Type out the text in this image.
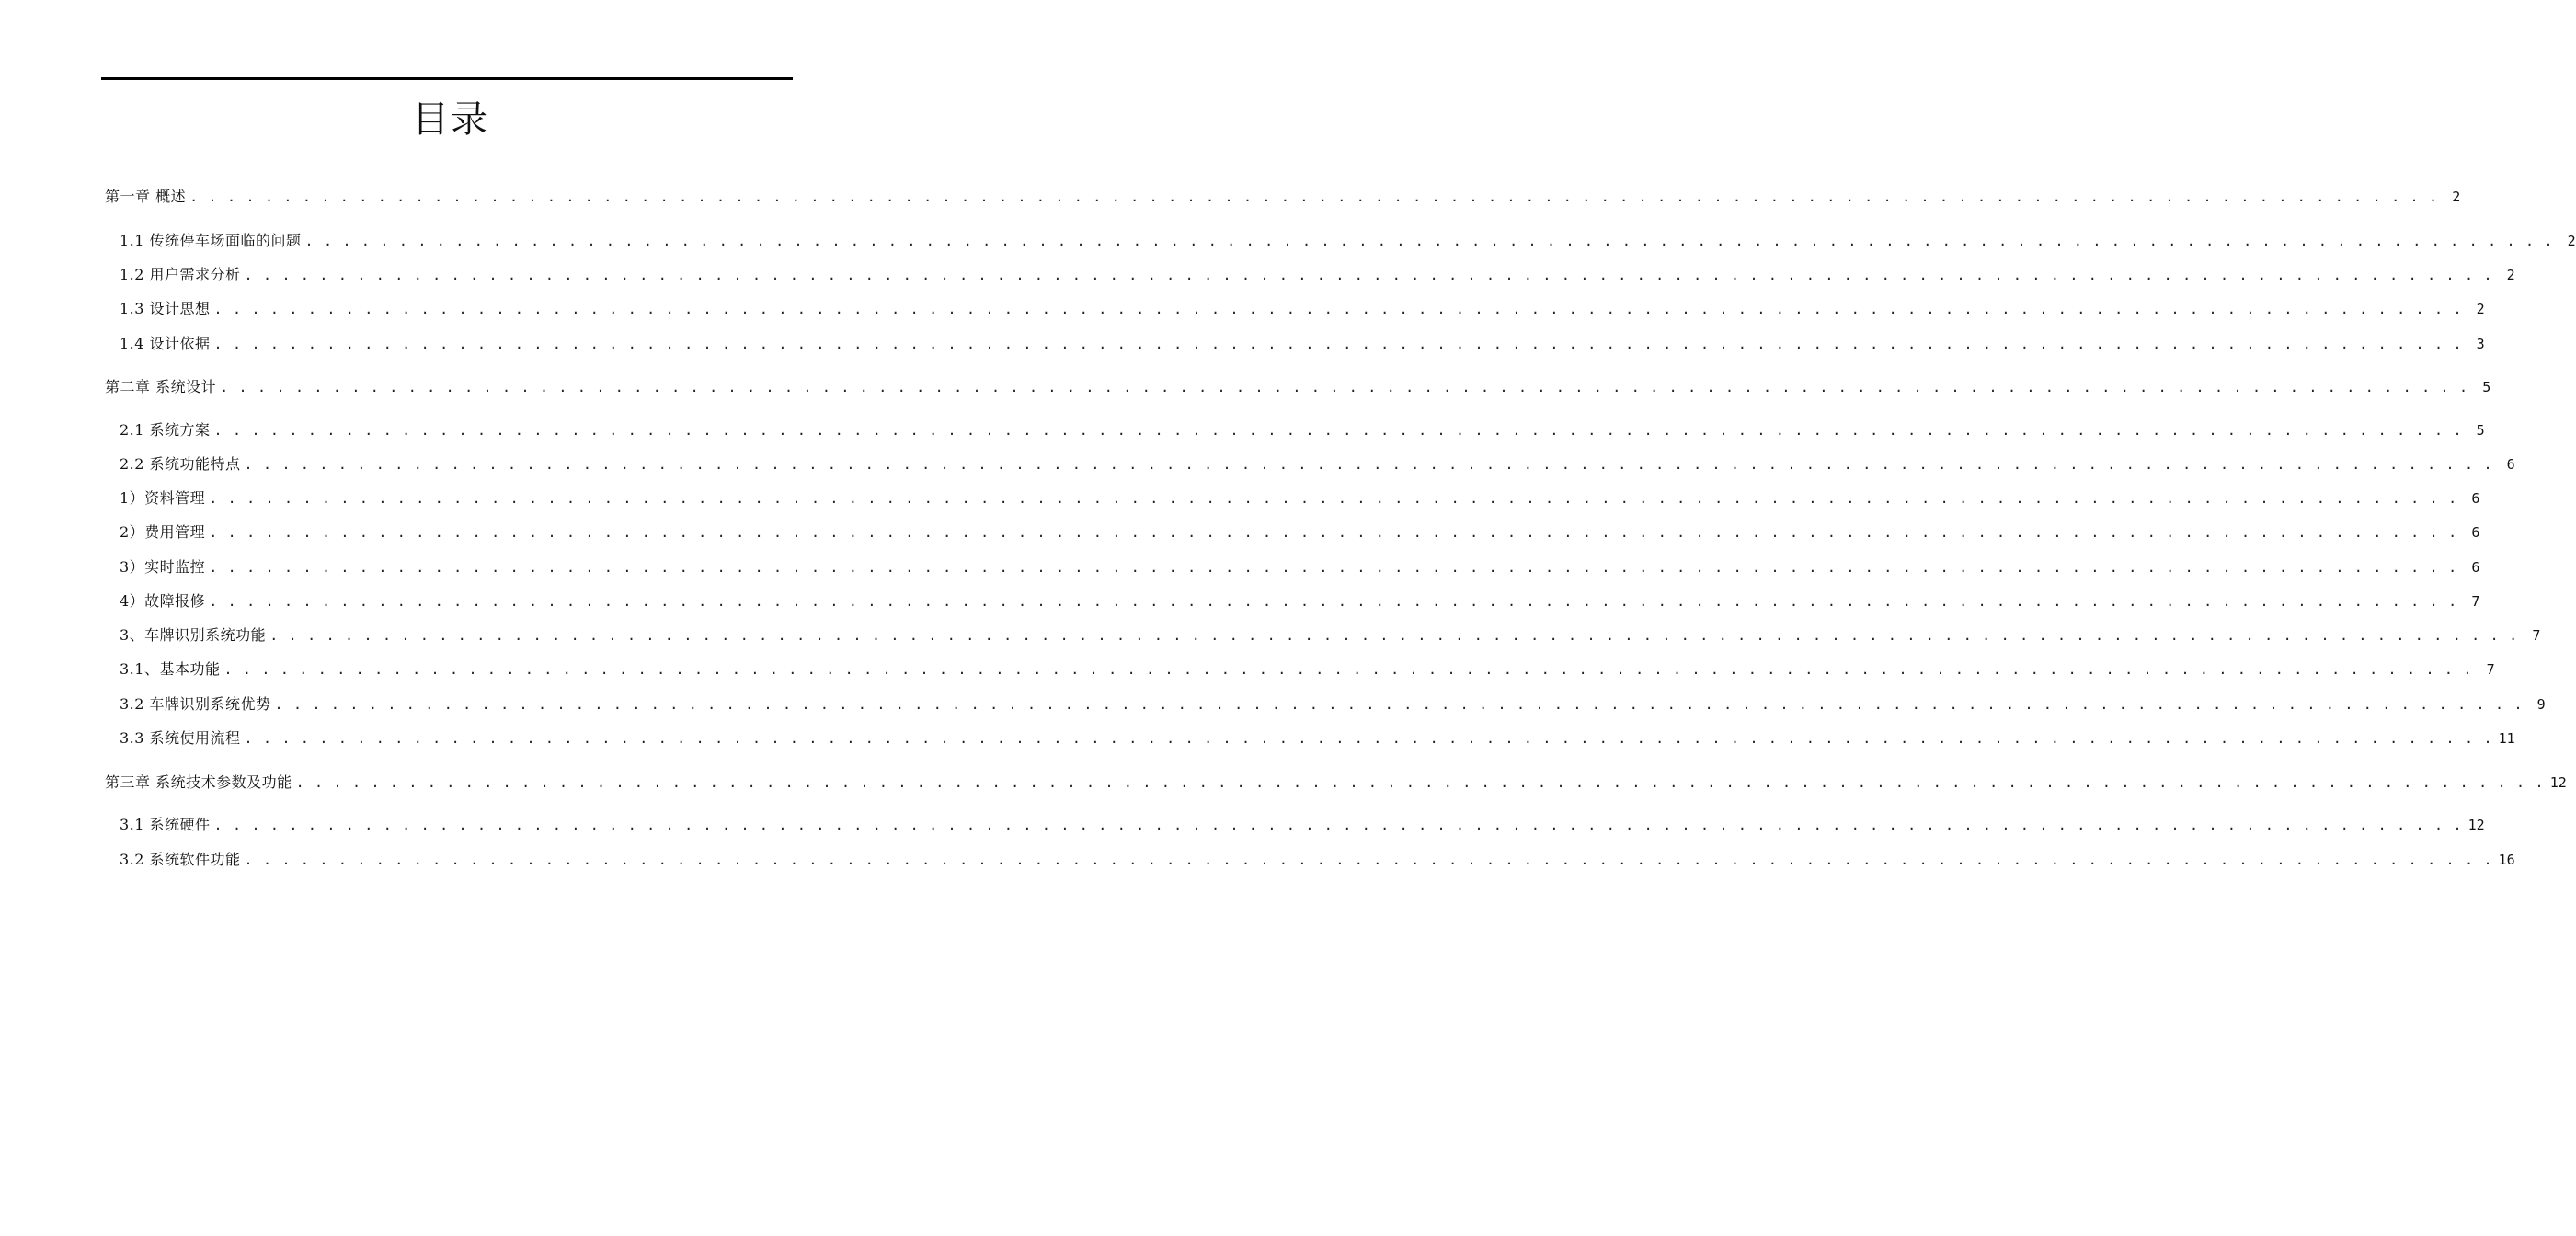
目录
第一章 概述 . . . . . . . . . . . . . . . . . . . . . . . . . . . . . . . . . . . . . . . . . . . . . . . . . . . . . . . . . . . . . . . . . . . . . . . . . . . . . . . . . . . . . . . . . . . . . . . . . . . . . . . . . . . . . . . . . . . . . . . . 2
1.1 传统停车场面临的问题 . . . . . . . . . . . . . . . . . . . . . . . . . . . . . . . . . . . . . . . . . . . . . . . . . . . . . . . . . . . . . . . . . . . . . . . . . . . . . . . . . . . . . . . . . . . . . . . . . . . . . . . . . . . . . . . . . . . . . . . . 2
1.2 用户需求分析 . . . . . . . . . . . . . . . . . . . . . . . . . . . . . . . . . . . . . . . . . . . . . . . . . . . . . . . . . . . . . . . . . . . . . . . . . . . . . . . . . . . . . . . . . . . . . . . . . . . . . . . . . . . . . . . . . . . . . . . . 2
1.3 设计思想 . . . . . . . . . . . . . . . . . . . . . . . . . . . . . . . . . . . . . . . . . . . . . . . . . . . . . . . . . . . . . . . . . . . . . . . . . . . . . . . . . . . . . . . . . . . . . . . . . . . . . . . . . . . . . . . . . . . . . . . . 2
1.4 设计依据 . . . . . . . . . . . . . . . . . . . . . . . . . . . . . . . . . . . . . . . . . . . . . . . . . . . . . . . . . . . . . . . . . . . . . . . . . . . . . . . . . . . . . . . . . . . . . . . . . . . . . . . . . . . . . . . . . . . . . . . . 3
第二章 系统设计 . . . . . . . . . . . . . . . . . . . . . . . . . . . . . . . . . . . . . . . . . . . . . . . . . . . . . . . . . . . . . . . . . . . . . . . . . . . . . . . . . . . . . . . . . . . . . . . . . . . . . . . . . . . . . . . . . . . . . . . . 5
2.1 系统方案 . . . . . . . . . . . . . . . . . . . . . . . . . . . . . . . . . . . . . . . . . . . . . . . . . . . . . . . . . . . . . . . . . . . . . . . . . . . . . . . . . . . . . . . . . . . . . . . . . . . . . . . . . . . . . . . . . . . . . . . . 5
2.2 系统功能特点 . . . . . . . . . . . . . . . . . . . . . . . . . . . . . . . . . . . . . . . . . . . . . . . . . . . . . . . . . . . . . . . . . . . . . . . . . . . . . . . . . . . . . . . . . . . . . . . . . . . . . . . . . . . . . . . . . . . . . . . . 6
1）资料管理 . . . . . . . . . . . . . . . . . . . . . . . . . . . . . . . . . . . . . . . . . . . . . . . . . . . . . . . . . . . . . . . . . . . . . . . . . . . . . . . . . . . . . . . . . . . . . . . . . . . . . . . . . . . . . . . . . . . . . . . . 6
2）费用管理 . . . . . . . . . . . . . . . . . . . . . . . . . . . . . . . . . . . . . . . . . . . . . . . . . . . . . . . . . . . . . . . . . . . . . . . . . . . . . . . . . . . . . . . . . . . . . . . . . . . . . . . . . . . . . . . . . . . . . . . . 6
3）实时监控 . . . . . . . . . . . . . . . . . . . . . . . . . . . . . . . . . . . . . . . . . . . . . . . . . . . . . . . . . . . . . . . . . . . . . . . . . . . . . . . . . . . . . . . . . . . . . . . . . . . . . . . . . . . . . . . . . . . . . . . . 6
4）故障报修 . . . . . . . . . . . . . . . . . . . . . . . . . . . . . . . . . . . . . . . . . . . . . . . . . . . . . . . . . . . . . . . . . . . . . . . . . . . . . . . . . . . . . . . . . . . . . . . . . . . . . . . . . . . . . . . . . . . . . . . . 7
3、车牌识别系统功能 . . . . . . . . . . . . . . . . . . . . . . . . . . . . . . . . . . . . . . . . . . . . . . . . . . . . . . . . . . . . . . . . . . . . . . . . . . . . . . . . . . . . . . . . . . . . . . . . . . . . . . . . . . . . . . . . . . . . . . . . 7
3.1、基本功能 . . . . . . . . . . . . . . . . . . . . . . . . . . . . . . . . . . . . . . . . . . . . . . . . . . . . . . . . . . . . . . . . . . . . . . . . . . . . . . . . . . . . . . . . . . . . . . . . . . . . . . . . . . . . . . . . . . . . . . . . 7
3.2 车牌识别系统优势 . . . . . . . . . . . . . . . . . . . . . . . . . . . . . . . . . . . . . . . . . . . . . . . . . . . . . . . . . . . . . . . . . . . . . . . . . . . . . . . . . . . . . . . . . . . . . . . . . . . . . . . . . . . . . . . . . . . . . . . . 9
3.3 系统使用流程 . . . . . . . . . . . . . . . . . . . . . . . . . . . . . . . . . . . . . . . . . . . . . . . . . . . . . . . . . . . . . . . . . . . . . . . . . . . . . . . . . . . . . . . . . . . . . . . . . . . . . . . . . . . . . . . . . . . . . . . . 11
第三章 系统技术参数及功能 . . . . . . . . . . . . . . . . . . . . . . . . . . . . . . . . . . . . . . . . . . . . . . . . . . . . . . . . . . . . . . . . . . . . . . . . . . . . . . . . . . . . . . . . . . . . . . . . . . . . . . . . . . . . . . . . . . . . . . . . 12
3.1 系统硬件 . . . . . . . . . . . . . . . . . . . . . . . . . . . . . . . . . . . . . . . . . . . . . . . . . . . . . . . . . . . . . . . . . . . . . . . . . . . . . . . . . . . . . . . . . . . . . . . . . . . . . . . . . . . . . . . . . . . . . . . . 12
3.2 系统软件功能 . . . . . . . . . . . . . . . . . . . . . . . . . . . . . . . . . . . . . . . . . . . . . . . . . . . . . . . . . . . . . . . . . . . . . . . . . . . . . . . . . . . . . . . . . . . . . . . . . . . . . . . . . . . . . . . . . . . . . . . . 16
